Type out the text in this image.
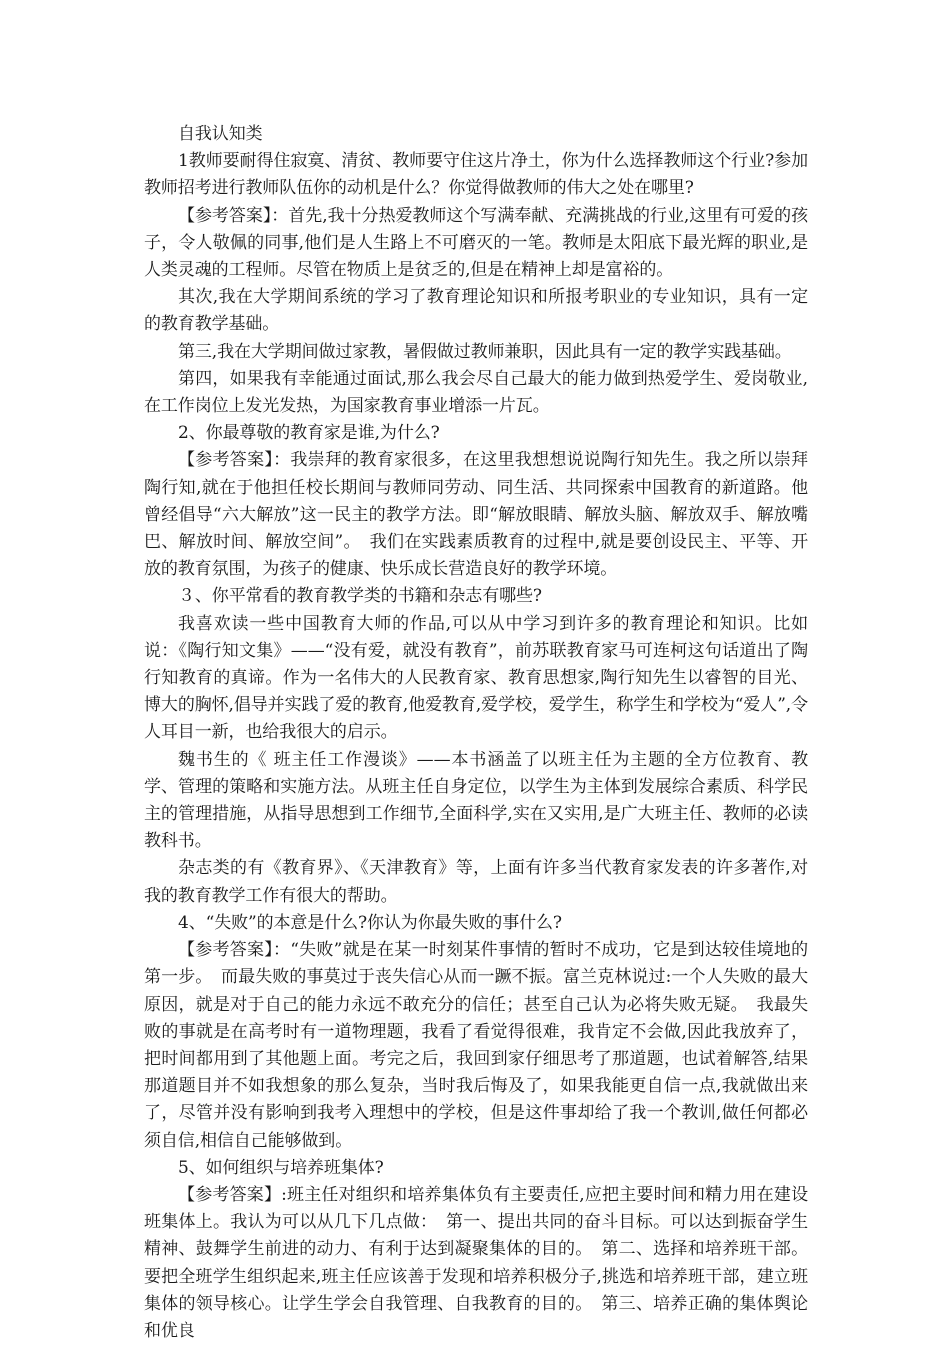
自我认知类

1教师要耐得住寂寞、清贫、教师要守住这片净土，你为什么选择教师这个行业?参加教师招考进行教师队伍你的动机是什么？你觉得做教师的伟大之处在哪里?

【参考答案】：首先,我十分热爱教师这个写满奉献、充满挑战的行业,这里有可爱的孩子，令人敬佩的同事,他们是人生路上不可磨灭的一笔。教师是太阳底下最光辉的职业,是人类灵魂的工程师。尽管在物质上是贫乏的,但是在精神上却是富裕的。

其次,我在大学期间系统的学习了教育理论知识和所报考职业的专业知识，具有一定的教育教学基础。

第三,我在大学期间做过家教，暑假做过教师兼职，因此具有一定的教学实践基础。

第四，如果我有幸能通过面试,那么我会尽自己最大的能力做到热爱学生、爱岗敬业,在工作岗位上发光发热，为国家教育事业增添一片瓦。

2、你最尊敬的教育家是谁,为什么?

【参考答案】：我崇拜的教育家很多，在这里我想想说说陶行知先生。我之所以崇拜陶行知,就在于他担任校长期间与教师同劳动、同生活、共同探索中国教育的新道路。他曾经倡导“六大解放”这一民主的教学方法。即“解放眼睛、解放头脑、解放双手、解放嘴巴、解放时间、解放空间”。　我们在实践素质教育的过程中,就是要创设民主、平等、开放的教育氛围，为孩子的健康、快乐成长营造良好的教学环境。

３、你平常看的教育教学类的书籍和杂志有哪些?

我喜欢读一些中国教育大师的作品,可以从中学习到许多的教育理论和知识。比如说：《陶行知文集》——“没有爱，就没有教育”，前苏联教育家马可连柯这句话道出了陶行知教育的真谛。作为一名伟大的人民教育家、教育思想家,陶行知先生以睿智的目光、博大的胸怀,倡导并实践了爱的教育,他爱教育,爱学校，爱学生，称学生和学校为“爱人”,令人耳目一新，也给我很大的启示。

魏书生的《 班主任工作漫谈》——本书涵盖了以班主任为主题的全方位教育、教学、管理的策略和实施方法。从班主任自身定位，以学生为主体到发展综合素质、科学民主的管理措施，从指导思想到工作细节,全面科学,实在又实用,是广大班主任、教师的必读教科书。

杂志类的有《教育界》、《天津教育》等，上面有许多当代教育家发表的许多著作,对我的教育教学工作有很大的帮助。

4、“失败”的本意是什么?你认为你最失败的事什么?

【参考答案】：“失败”就是在某一时刻某件事情的暂时不成功，它是到达较佳境地的第一步。　而最失败的事莫过于丧失信心从而一蹶不振。富兰克林说过:一个人失败的最大原因，就是对于自己的能力永远不敢充分的信任；甚至自己认为必将失败无疑。　我最失败的事就是在高考时有一道物理题，我看了看觉得很难，我肯定不会做,因此我放弃了，把时间都用到了其他题上面。考完之后，我回到家仔细思考了那道题，也试着解答,结果那道题目并不如我想象的那么复杂，当时我后悔及了，如果我能更自信一点,我就做出来了，尽管并没有影响到我考入理想中的学校，但是这件事却给了我一个教训,做任何都必须自信,相信自己能够做到。

5、如何组织与培养班集体?

【参考答案】:班主任对组织和培养集体负有主要责任,应把主要时间和精力用在建设班集体上。我认为可以从几下几点做：　第一、提出共同的奋斗目标。可以达到振奋学生精神、鼓舞学生前进的动力、有利于达到凝聚集体的目的。　第二、选择和培养班干部。要把全班学生组织起来,班主任应该善于发现和培养积极分子,挑选和培养班干部，建立班集体的领导核心。让学生学会自我管理、自我教育的目的。　第三、培养正确的集体舆论和优良
